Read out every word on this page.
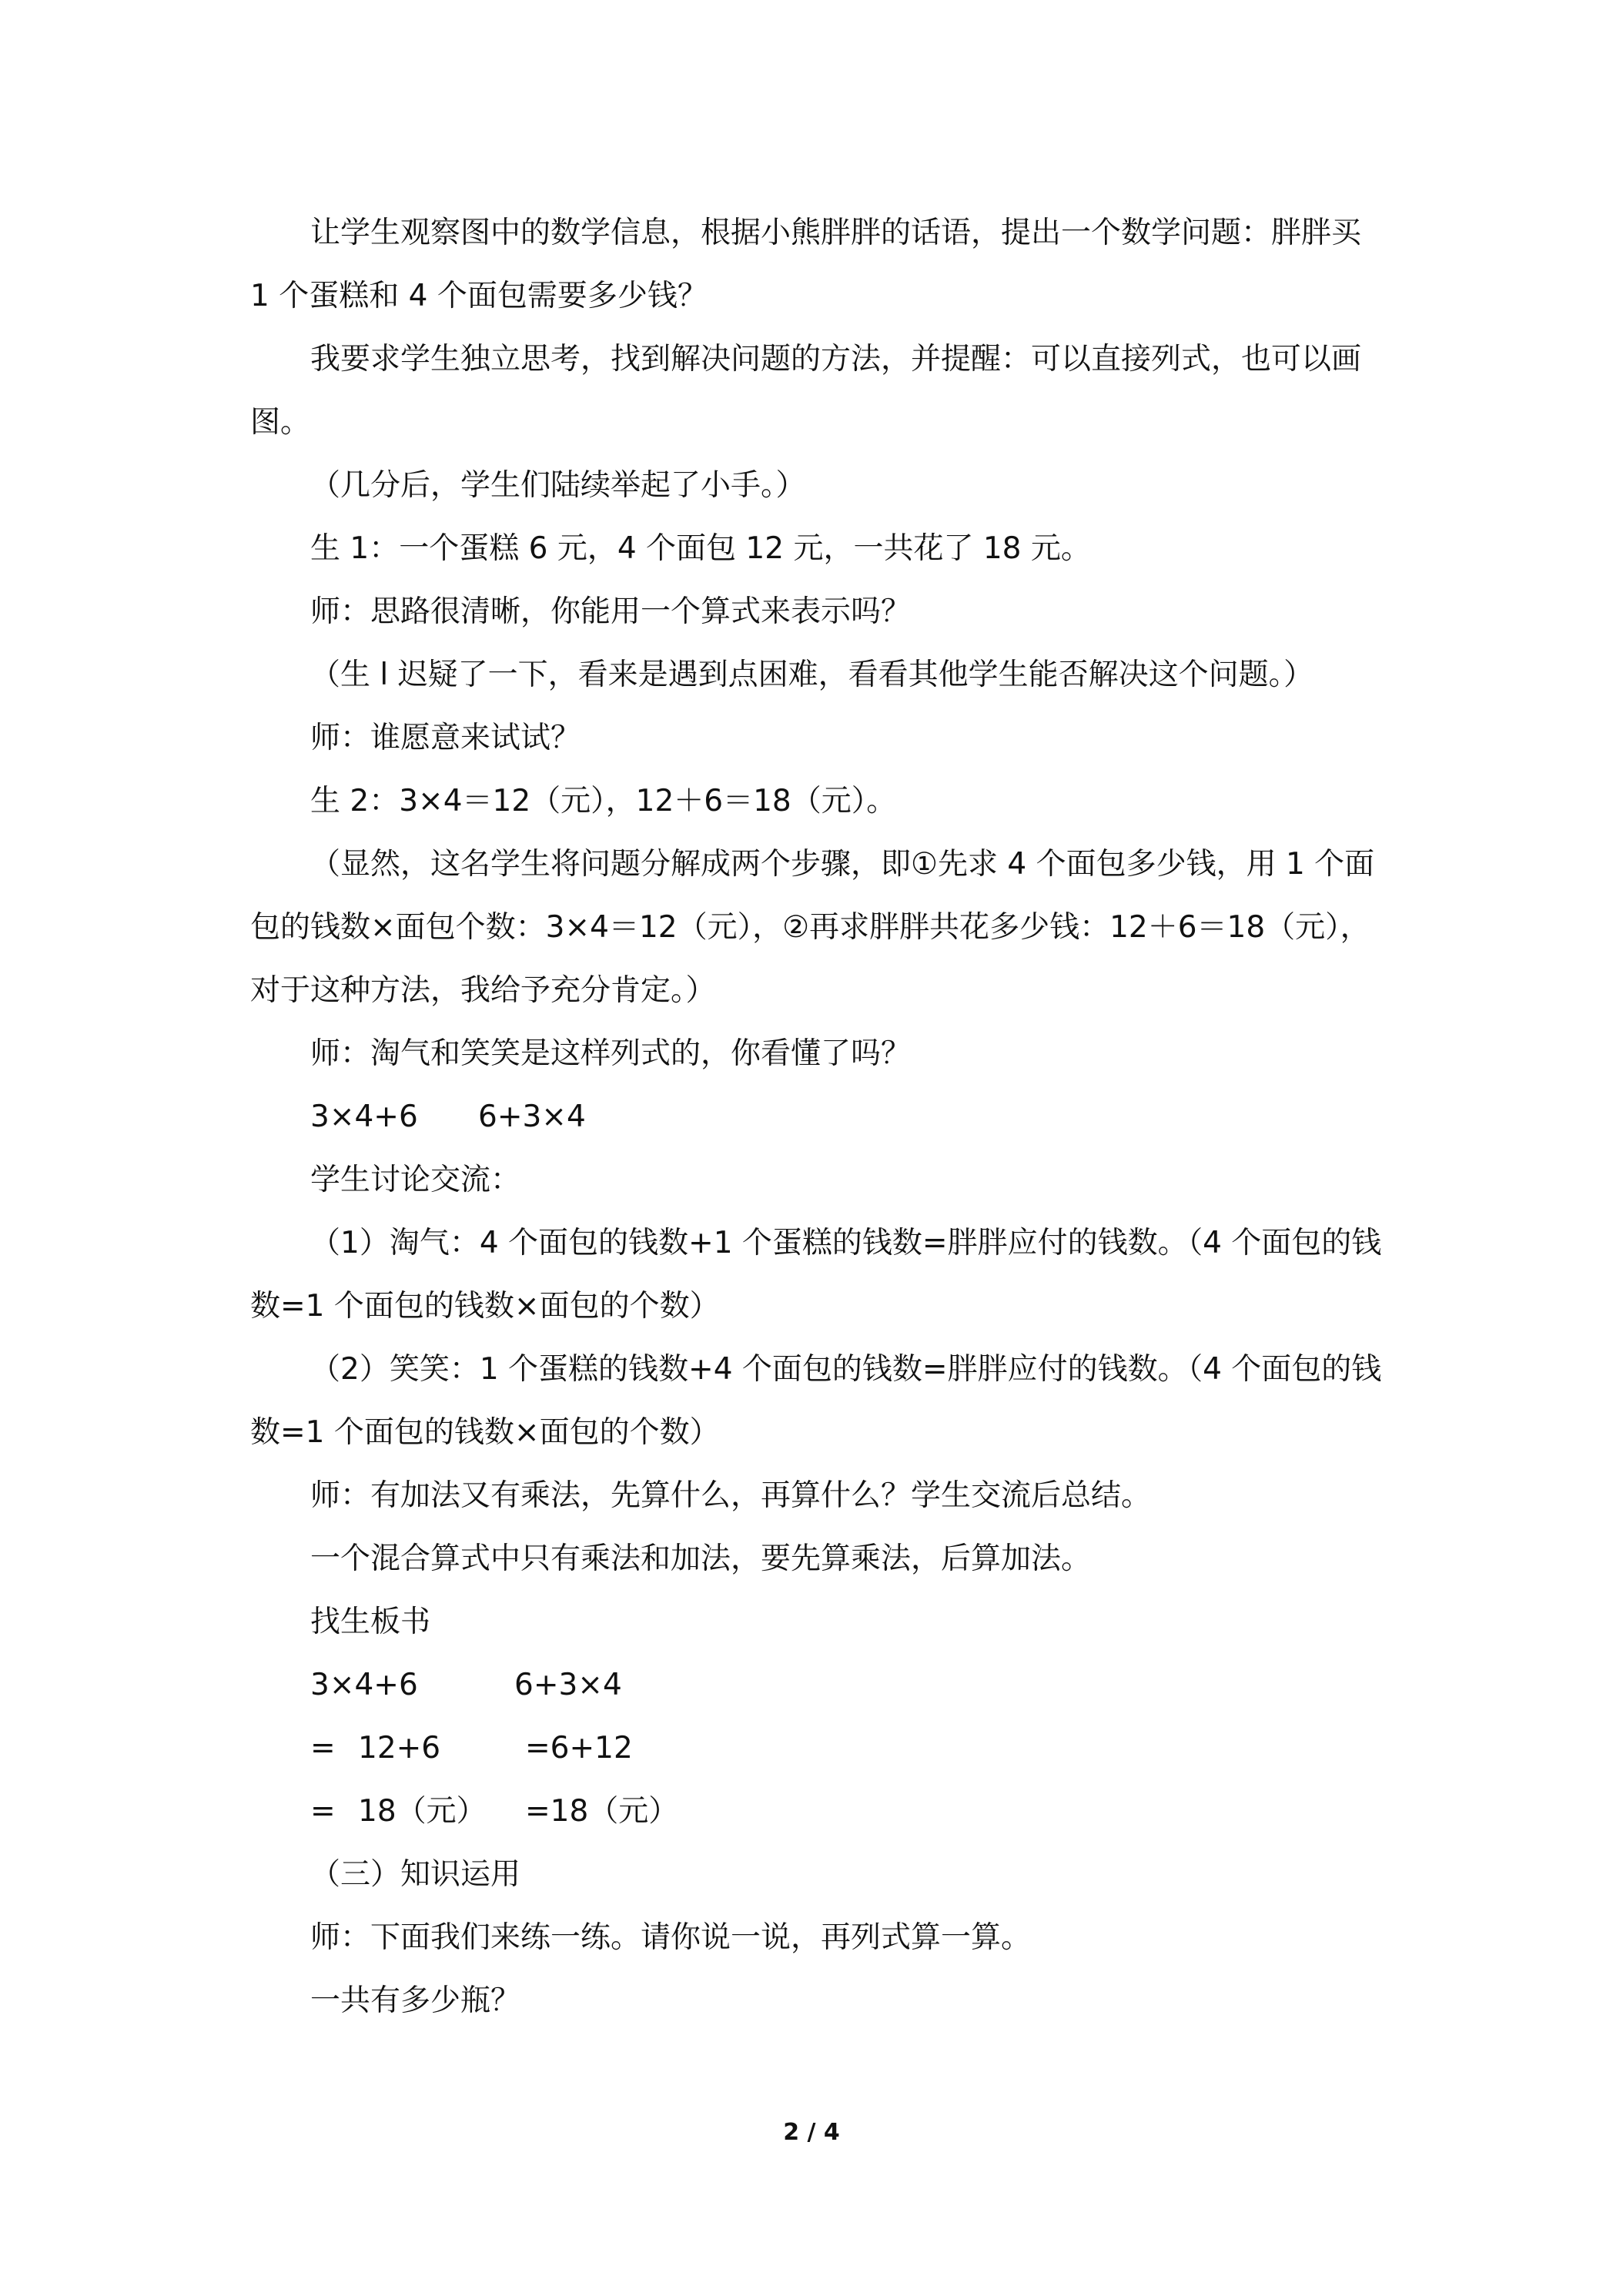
让学生观察图中的数学信息，根据小熊胖胖的话语，提出一个数学问题：胖胖买 1 个蛋糕和 4 个面包需要多少钱？

我要求学生独立思考，找到解决问题的方法，并提醒：可以直接列式，也可以画图。

（几分后，学生们陆续举起了小手。）

生 1：一个蛋糕 6 元，4 个面包 12 元，一共花了 18 元。

师：思路很清晰，你能用一个算式来表示吗？

（生 l 迟疑了一下，看来是遇到点困难，看看其他学生能否解决这个问题。）

师：谁愿意来试试？

生 2：3×4＝12（元），12＋6＝18（元）。

（显然，这名学生将问题分解成两个步骤，即①先求 4 个面包多少钱，用 1 个面包的钱数×面包个数：3×4＝12（元），②再求胖胖共花多少钱：12＋6＝18（元），对于这种方法，我给予充分肯定。）

师：淘气和笑笑是这样列式的，你看懂了吗？

3×4+6 6+3×4

学生讨论交流：

（1）淘气：4 个面包的钱数+1 个蛋糕的钱数=胖胖应付的钱数。（4 个面包的钱数=1 个面包的钱数×面包的个数）

（2）笑笑：1 个蛋糕的钱数+4 个面包的钱数=胖胖应付的钱数。（4 个面包的钱数=1 个面包的钱数×面包的个数）

师：有加法又有乘法，先算什么，再算什么？学生交流后总结。

一个混合算式中只有乘法和加法，要先算乘法，后算加法。

找生板书

3×4+6	6+3×4
= 12+6	=6+12
= 18（元） =18（元）

（三）知识运用

师：下面我们来练一练。请你说一说，再列式算一算。

一共有多少瓶？

2 / 4
